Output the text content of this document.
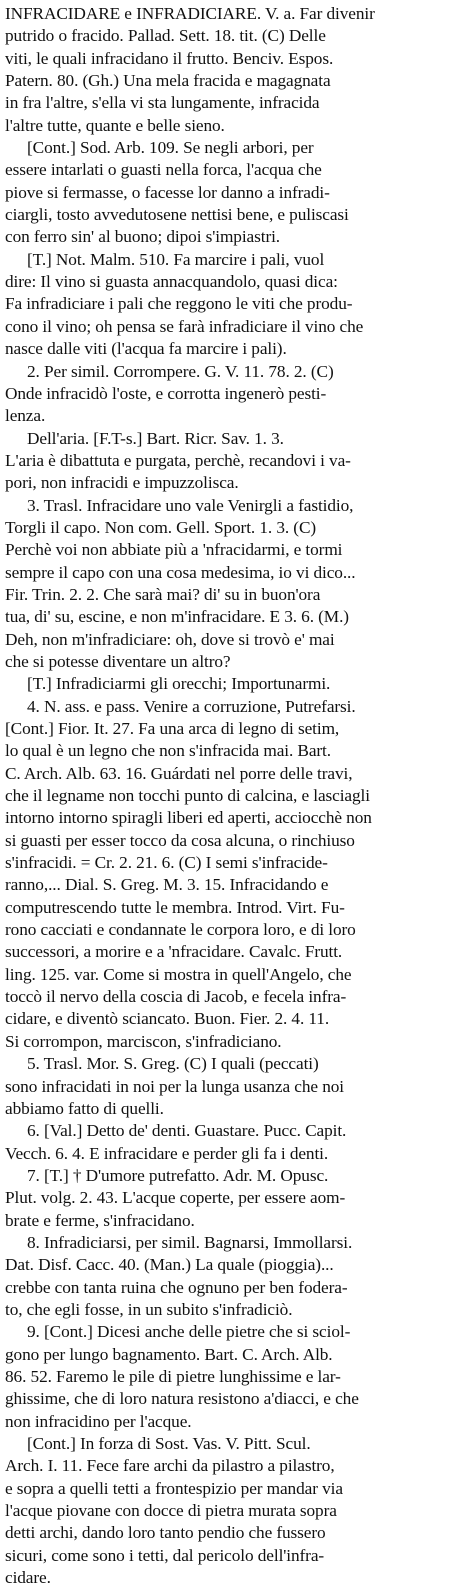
INFRACIDARE e INFRADICIARE. V. a. Far divenir
putrido o fracido. Pallad. Sett. 18. tit. (C) Delle
viti, le quali infracidano il frutto. Benciv. Espos.
Patern. 80. (Gh.) Una mela fracida e magagnata
in fra l'altre, s'ella vi sta lungamente, infracida
l'altre tutte, quante e belle sieno.
[Cont.] Sod. Arb. 109. Se negli arbori, per
essere intarlati o guasti nella forca, l'acqua che
piove si fermasse, o facesse lor danno a infradi-
ciargli, tosto avvedutosene nettisi bene, e puliscasi
con ferro sin' al buono; dipoi s'impiastri.
[T.] Not. Malm. 510. Fa marcire i pali, vuol
dire: Il vino si guasta annacquandolo, quasi dica:
Fa infradiciare i pali che reggono le viti che produ-
cono il vino; oh pensa se farà infradiciare il vino che
nasce dalle viti (l'acqua fa marcire i pali).
2. Per simil. Corrompere. G. V. 11. 78. 2. (C)
Onde infracidò l'oste, e corrotta ingenerò pesti-
lenza.
Dell'aria. [F.T-s.] Bart. Ricr. Sav. 1. 3.
L'aria è dibattuta e purgata, perchè, recandovi i va-
pori, non infracidi e impuzzolisca.
3. Trasl. Infracidare uno vale Venirgli a fastidio,
Torgli il capo. Non com. Gell. Sport. 1. 3. (C)
Perchè voi non abbiate più a 'nfracidarmi, e tormi
sempre il capo con una cosa medesima, io vi dico...
Fir. Trin. 2. 2. Che sarà mai? di' su in buon'ora
tua, di' su, escine, e non m'infracidare. E 3. 6. (M.)
Deh, non m'infradiciare: oh, dove si trovò e' mai
che si potesse diventare un altro?
[T.] Infradiciarmi gli orecchi; Importunarmi.
4. N. ass. e pass. Venire a corruzione, Putrefarsi.
[Cont.] Fior. It. 27. Fa una arca di legno di setim,
lo qual è un legno che non s'infracida mai. Bart.
C. Arch. Alb. 63. 16. Guárdati nel porre delle travi,
che il legname non tocchi punto di calcina, e lasciagli
intorno intorno spiragli liberi ed aperti, acciocchè non
si guasti per esser tocco da cosa alcuna, o rinchiuso
s'infracidi. = Cr. 2. 21. 6. (C) I semi s'infracide-
ranno,... Dial. S. Greg. M. 3. 15. Infracidando e
computrescendo tutte le membra. Introd. Virt. Fu-
rono cacciati e condannate le corpora loro, e di loro
successori, a morire e a 'nfracidare. Cavalc. Frutt.
ling. 125. var. Come si mostra in quell'Angelo, che
toccò il nervo della coscia di Jacob, e fecela infra-
cidare, e diventò sciancato. Buon. Fier. 2. 4. 11.
Si corrompon, marciscon, s'infradiciano.
5. Trasl. Mor. S. Greg. (C) I quali (peccati)
sono infracidati in noi per la lunga usanza che noi
abbiamo fatto di quelli.
6. [Val.] Detto de' denti. Guastare. Pucc. Capit.
Vecch. 6. 4. E infracidare e perder gli fa i denti.
7. [T.] † D'umore putrefatto. Adr. M. Opusc.
Plut. volg. 2. 43. L'acque coperte, per essere aom-
brate e ferme, s'infracidano.
8. Infradiciarsi, per simil. Bagnarsi, Immollarsi.
Dat. Disf. Cacc. 40. (Man.) La quale (pioggia)...
crebbe con tanta ruina che ognuno per ben fodera-
to, che egli fosse, in un subito s'infradiciò.
9. [Cont.] Dicesi anche delle pietre che si sciol-
gono per lungo bagnamento. Bart. C. Arch. Alb.
86. 52. Faremo le pile di pietre lunghissime e lar-
ghissime, che di loro natura resistono a'diacci, e che
non infracidino per l'acque.
[Cont.] In forza di Sost. Vas. V. Pitt. Scul.
Arch. I. 11. Fece fare archi da pilastro a pilastro,
e sopra a quelli tetti a frontespizio per mandar via
l'acque piovane con docce di pietra murata sopra
detti archi, dando loro tanto pendio che fussero
sicuri, come sono i tetti, dal pericolo dell'infra-
cidare.
